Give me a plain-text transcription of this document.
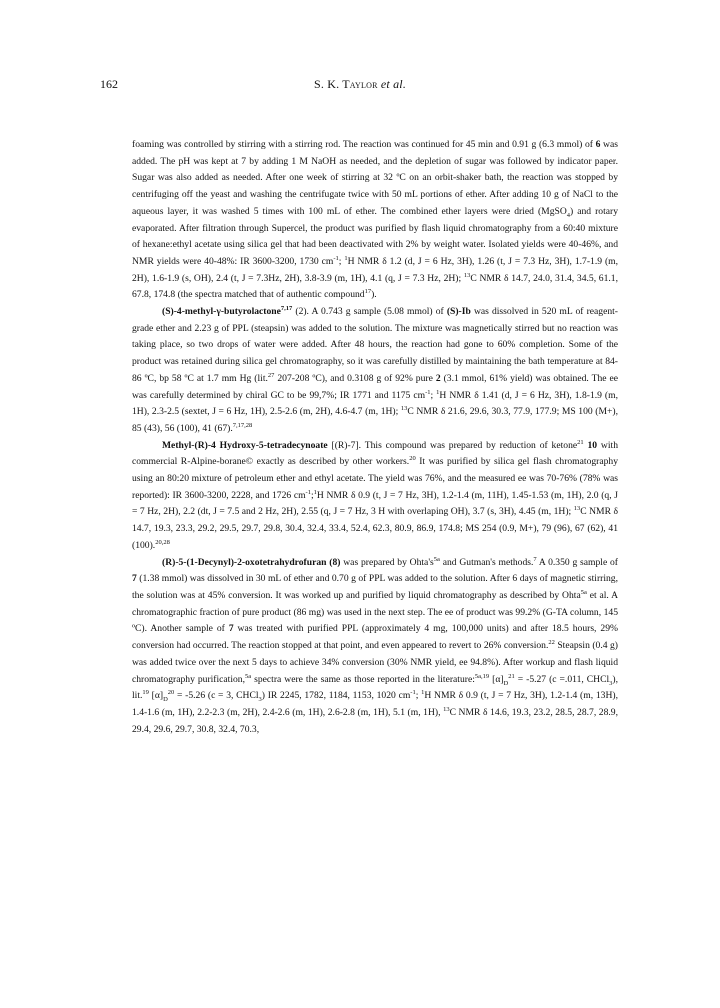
162	S. K. Taylor et al.

foaming was controlled by stirring with a stirring rod. The reaction was continued for 45 min and 0.91 g (6.3 mmol) of 6 was added. The pH was kept at 7 by adding 1 M NaOH as needed, and the depletion of sugar was followed by indicator paper. Sugar was also added as needed. After one week of stirring at 32 ºC on an orbit-shaker bath, the reaction was stopped by centrifuging off the yeast and washing the centrifugate twice with 50 mL portions of ether. After adding 10 g of NaCl to the aqueous layer, it was washed 5 times with 100 mL of ether. The combined ether layers were dried (MgSO$_4$) and rotary evaporated. After filtration through Supercel, the product was purified by flash liquid chromatography from a 60:40 mixture of hexane:ethyl acetate using silica gel that had been deactivated with 2% by weight water. Isolated yields were 40-46%, and NMR yields were 40-48%: IR 3600-3200, 1730 $cm^{-1}$; $^1$H NMR δ 1.2 (d, J = 6 Hz, 3H), 1.26 (t, J = 7.3 Hz, 3H), 1.7-1.9 (m, 2H), 1.6-1.9 (s, OH), 2.4 (t, J = 7.3Hz, 2H), 3.8-3.9 (m, 1H), 4.1 (q, J = 7.3 Hz, 2H); $^{13}$C NMR δ 14.7, 24.0, 31.4, 34.5, 61.1, 67.8, 174.8 (the spectra matched that of authentic compound$^{17}$).

(S)-4-methyl-γ-butyrolactone$^{7,17}$ (2). A 0.743 g sample (5.08 mmol) of (S)-Ib was dissolved in 520 mL of reagent-grade ether and 2.23 g of PPL (steapsin) was added to the solution. The mixture was magnetically stirred but no reaction was taking place, so two drops of water were added. After 48 hours, the reaction had gone to 60% completion. Some of the product was retained during silica gel chromatography, so it was carefully distilled by maintaining the bath temperature at 84-86 ºC, bp 58 ºC at 1.7 mm Hg (lit.$^{27}$ 207-208 ºC), and 0.3108 g of 92% pure 2 (3.1 mmol, 61% yield) was obtained. The ee was carefully determined by chiral GC to be 99,7%; IR 1771 and 1175 $cm^{-1}$; $^1$H NMR δ 1.41 (d, J = 6 Hz, 3H), 1.8-1.9 (m, 1H), 2.3-2.5 (sextet, J = 6 Hz, 1H), 2.5-2.6 (m, 2H), 4.6-4.7 (m, 1H); $^{13}$C NMR δ 21.6, 29.6, 30.3, 77.9, 177.9; MS 100 (M+), 85 (43), 56 (100), 41 (67).$^{7,17,28}$

Methyl-(R)-4 Hydroxy-5-tetradecynoate [(R)-7]. This compound was prepared by reduction of ketone$^{21}$ 10 with commercial R-Alpine-borane© exactly as described by other workers.$^{20}$ It was purified by silica gel flash chromatography using an 80:20 mixture of petroleum ether and ethyl acetate. The yield was 76%, and the measured ee was 70-76% (78% was reported): IR 3600-3200, 2228, and 1726 $cm^{-1};^1H$ NMR δ 0.9 (t, J = 7 Hz, 3H), 1.2-1.4 (m, 11H), 1.45-1.53 (m, 1H), 2.0 (q, J = 7 Hz, 2H), 2.2 (dt, J = 7.5 and 2 Hz, 2H), 2.55 (q, J = 7 Hz, 3 H with overlaping OH), 3.7 (s, 3H), 4.45 (m, 1H); $^{13}$C NMR δ 14.7, 19.3, 23.3, 29.2, 29.5, 29.7, 29.8, 30.4, 32.4, 33.4, 52.4, 62.3, 80.9, 86.9, 174.8; MS 254 (0.9, M+), 79 (96), 67 (62), 41 (100).$^{20,28}$

(R)-5-(1-Decynyl)-2-oxotetrahydrofuran (8) was prepared by $Ohta's^{5a}$ and Gutman's methods.$^7$ A 0.350 g sample of 7 (1.38 mmol) was dissolved in 30 mL of ether and 0.70 g of PPL was added to the solution. After 6 days of magnetic stirring, the solution was at 45% conversion. It was worked up and purified by liquid chromatography as described by Ohta$^{5a}$ et al. A chromatographic fraction of pure product (86 mg) was used in the next step. The ee of product was 99.2% (G-TA column, 145 ºC). Another sample of 7 was treated with purified PPL (approximately 4 mg, 100,000 units) and after 18.5 hours, 29% conversion had occurred. The reaction stopped at that point, and even appeared to revert to 26% conversion.$^{22}$ Steapsin (0.4 g) was added twice over the next 5 days to achieve 34% conversion (30% NMR yield, ee 94.8%). After workup and flash liquid chromatography purification,$^{5a}$ spectra were the same as those reported in the literature:$^{5a,19}$ $[\alpha]_D^{21} = -5.27$ (c =.011, CHCl$_3$), lit.$^{19}$ $[\alpha]_D^{20} = -5.26$ (c = 3, CHCl$_3$) IR 2245, 1782, 1184, 1153, 1020 $cm^{-1}$; $^1$H NMR δ 0.9 (t, J = 7 Hz, 3H), 1.2-1.4 (m, 13H), 1.4-1.6 (m, 1H), 2.2-2.3 (m, 2H), 2.4-2.6 (m, 1H), 2.6-2.8 (m, 1H), 5.1 (m, 1H), $^{13}$C NMR δ 14.6, 19.3, 23.2, 28.5, 28.7, 28.9, 29.4, 29.6, 29.7, 30.8, 32.4, 70.3,
